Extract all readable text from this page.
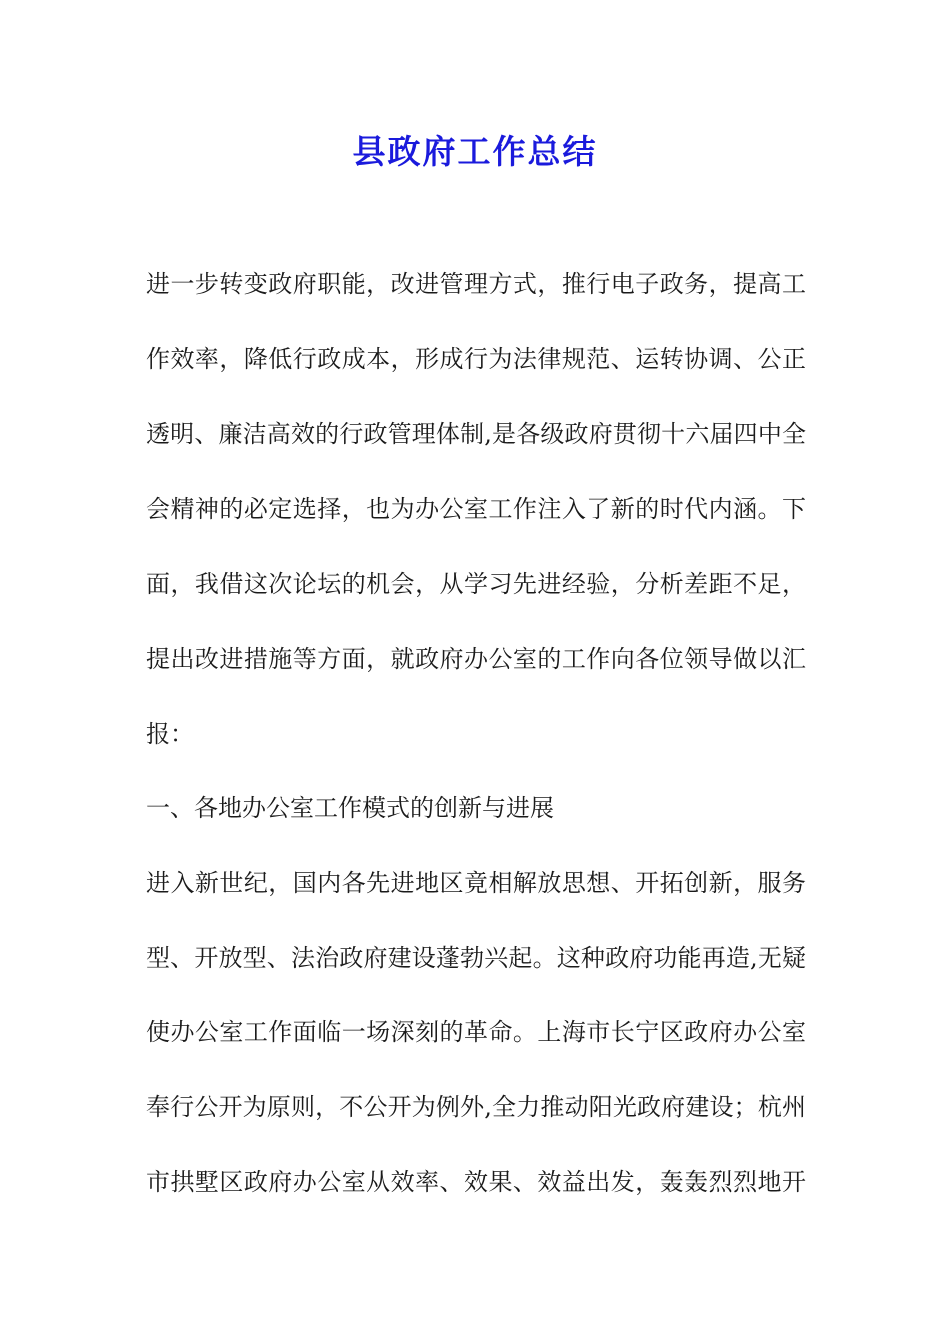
县政府工作总结
进一步转变政府职能，改进管理方式，推行电子政务，提高工
作效率，降低行政成本，形成行为法律规范、运转协调、公正
透明、廉洁高效的行政管理体制,是各级政府贯彻十六届四中全
会精神的必定选择，也为办公室工作注入了新的时代内涵。下
面，我借这次论坛的机会，从学习先进经验，分析差距不足，
提出改进措施等方面，就政府办公室的工作向各位领导做以汇
报：
一、各地办公室工作模式的创新与进展
进入新世纪，国内各先进地区竟相解放思想、开拓创新，服务
型、开放型、法治政府建设蓬勃兴起。这种政府功能再造,无疑
使办公室工作面临一场深刻的革命。上海市长宁区政府办公室
奉行公开为原则，不公开为例外,全力推动阳光政府建设；杭州
市拱墅区政府办公室从效率、效果、效益出发，轰轰烈烈地开
